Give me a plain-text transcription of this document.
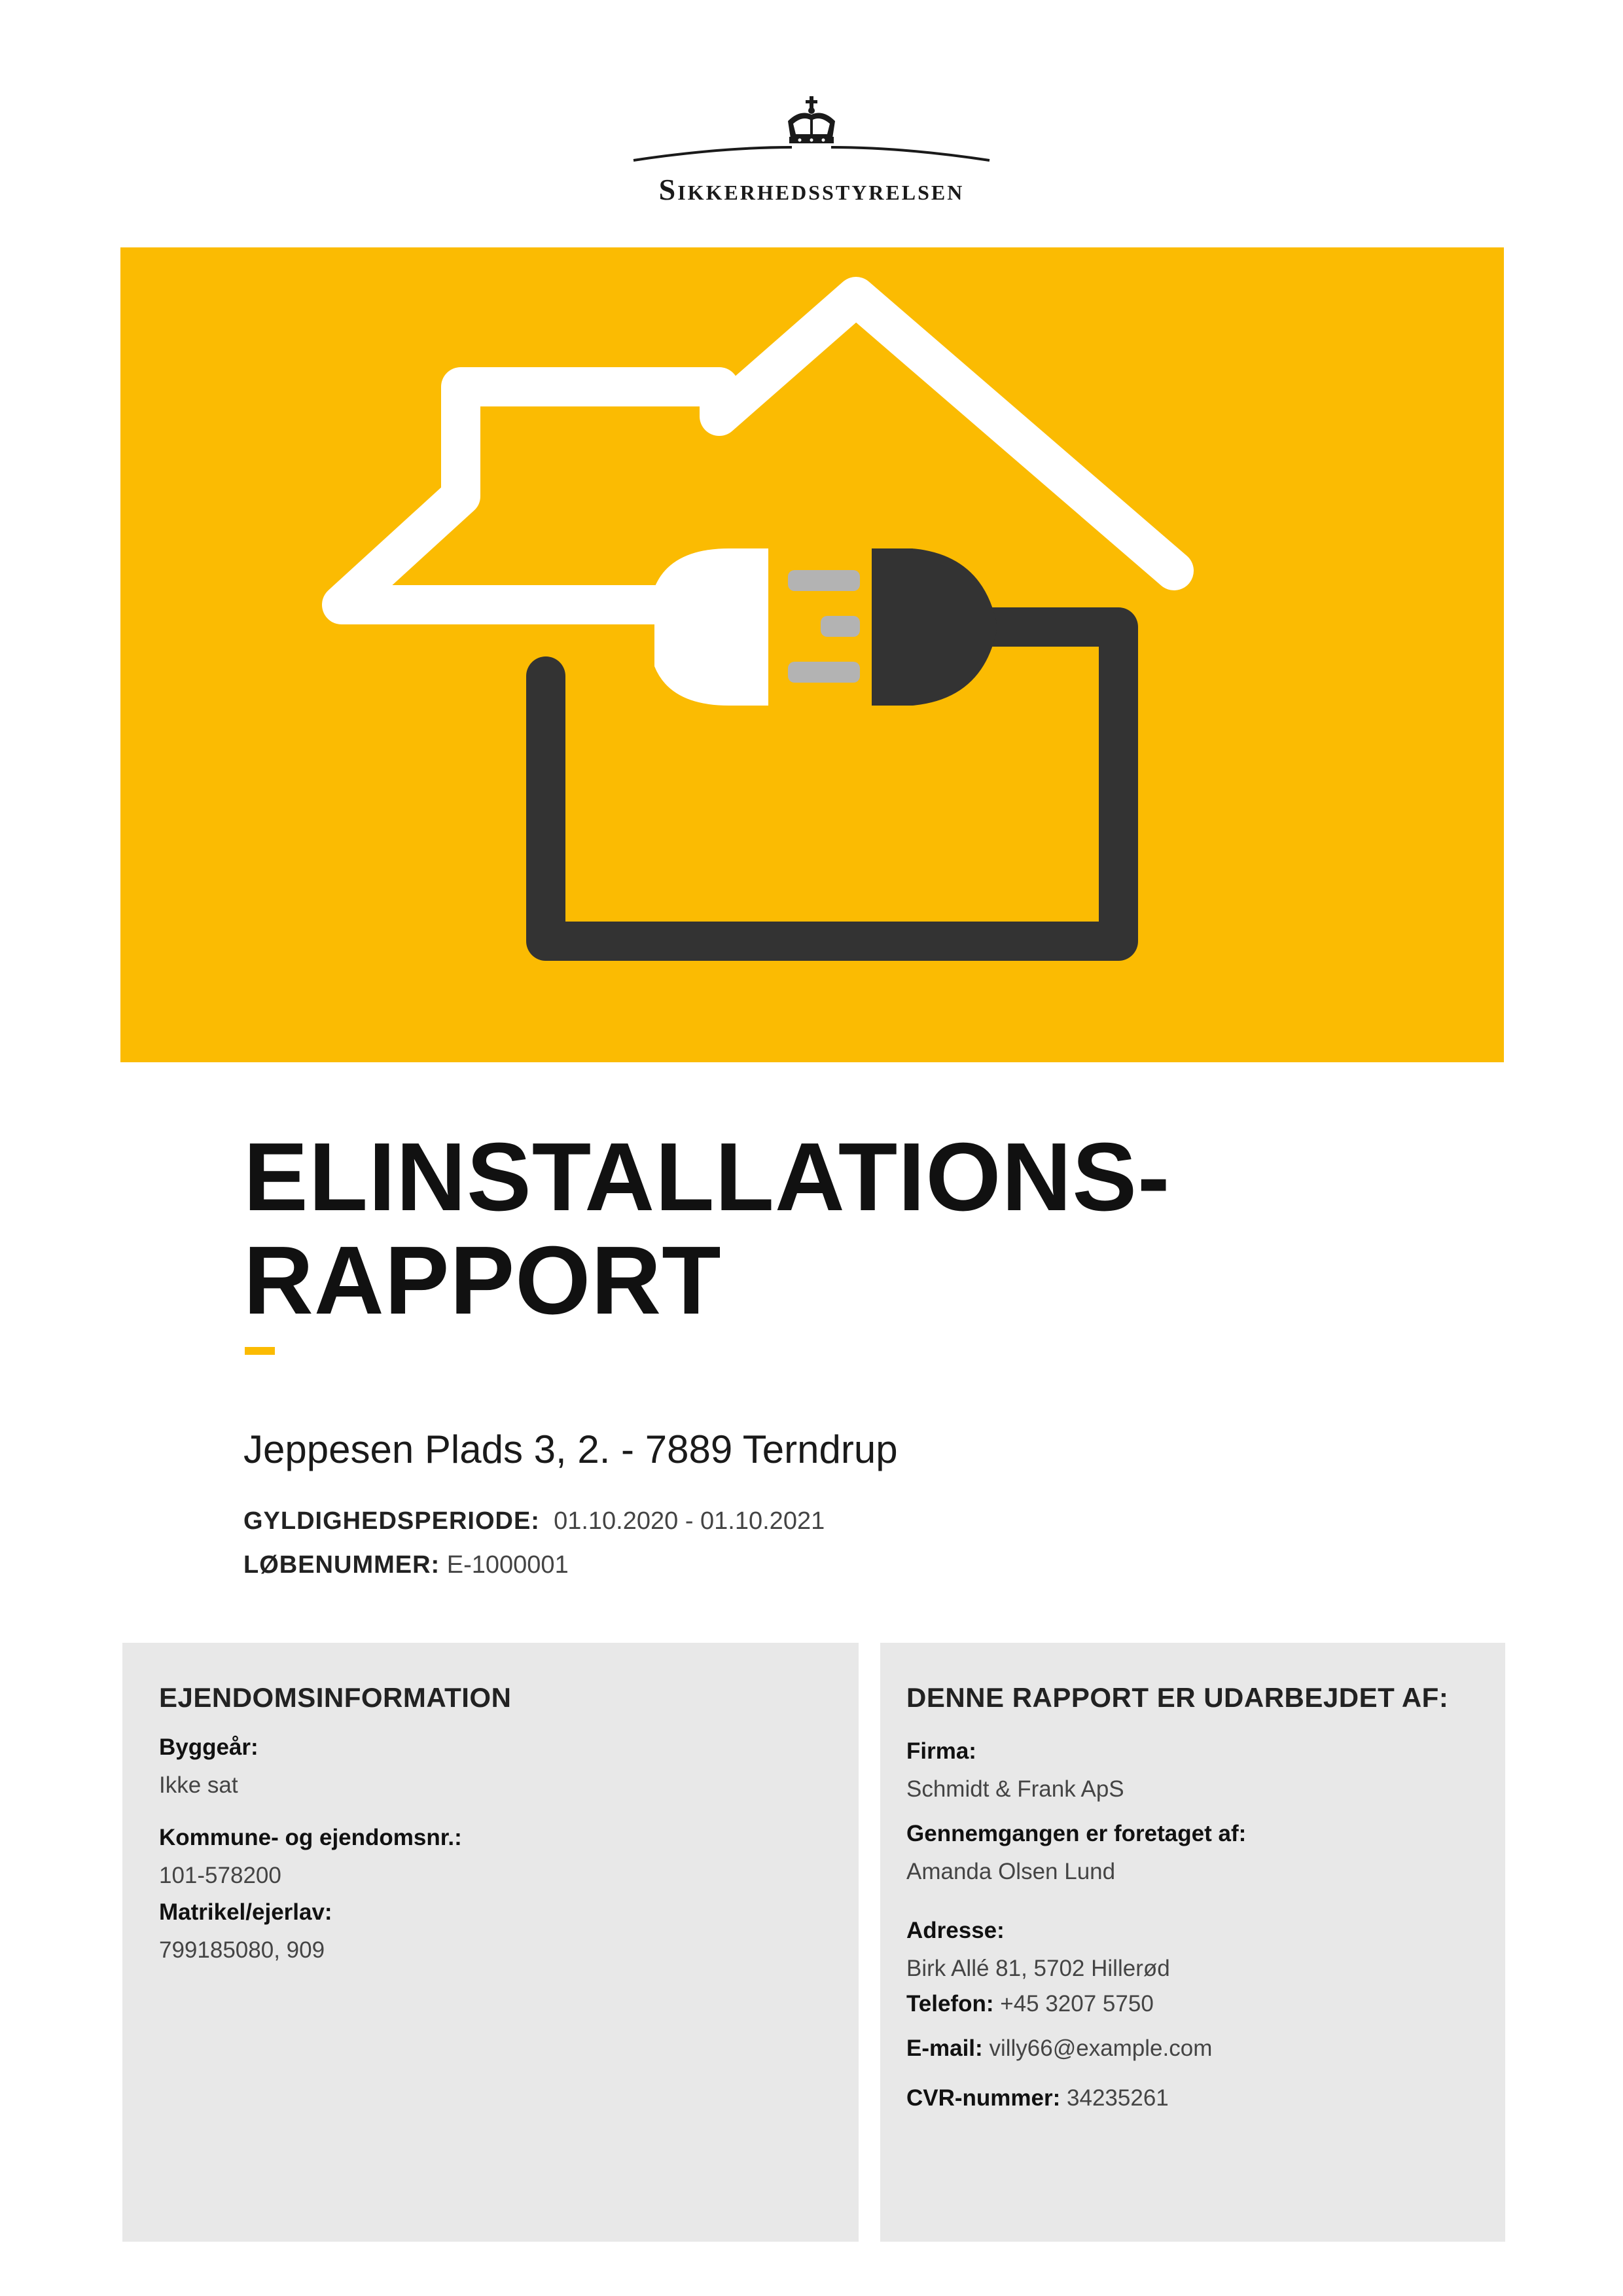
Sikkerhedsstyrelsen
ELINSTALLATIONS-
RAPPORT
Jeppesen Plads 3, 2. - 7889 Terndrup
GYLDIGHEDSPERIODE: 01.10.2020 - 01.10.2021
LØBENUMMER: E-1000001
EJENDOMSINFORMATION
Byggeår:
Ikke sat
Kommune- og ejendomsnr.:
101-578200
Matrikel/ejerlav:
799185080, 909
DENNE RAPPORT ER UDARBEJDET AF:
Firma:
Schmidt & Frank ApS
Gennemgangen er foretaget af:
Amanda Olsen Lund
Adresse:
Birk Allé 81, 5702 Hillerød
Telefon: +45 3207 5750
E-mail: villy66@example.com
CVR-nummer: 34235261
